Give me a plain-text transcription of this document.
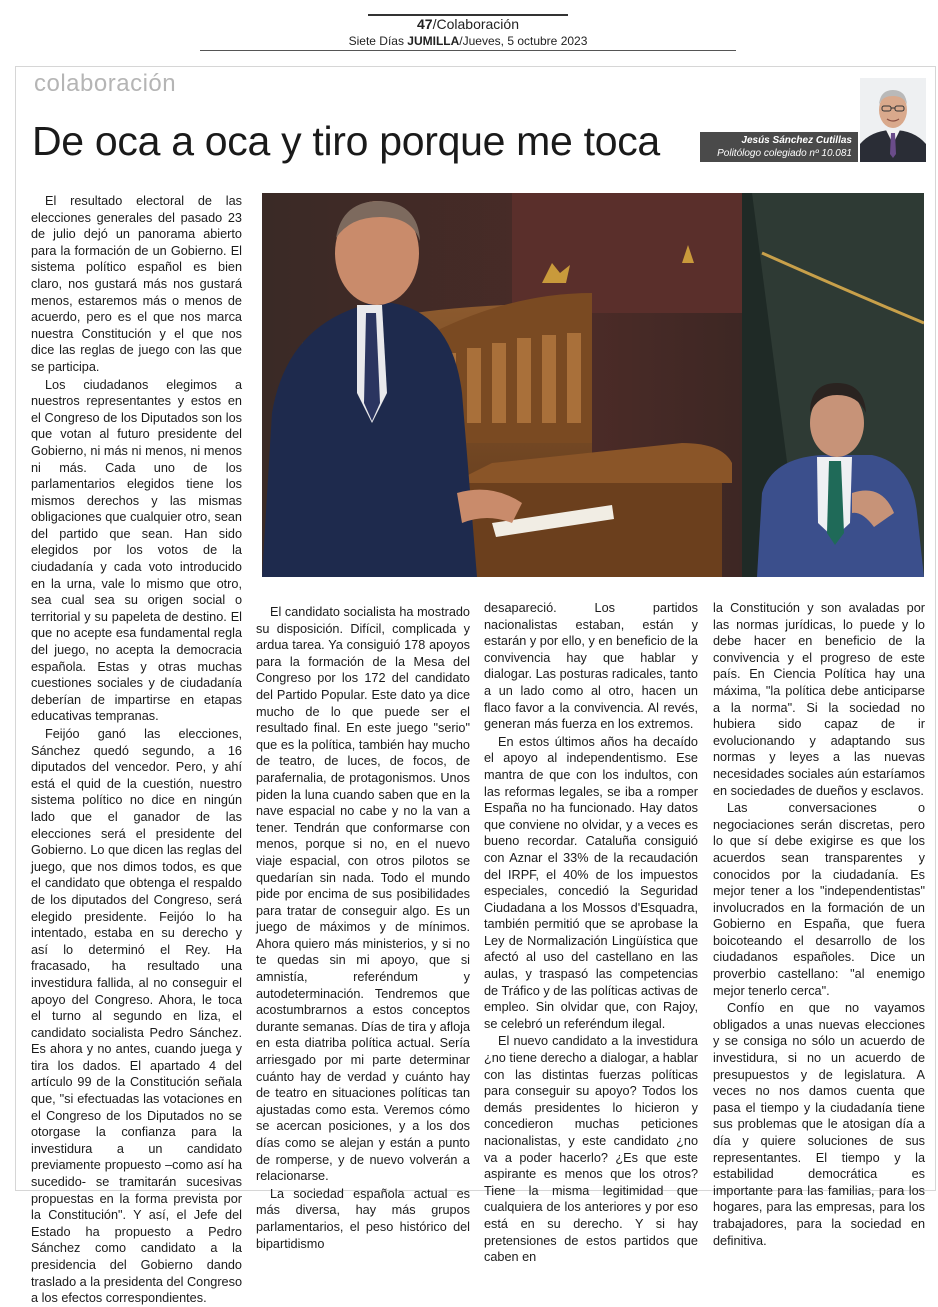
47/Colaboración
Siete Días JUMILLA/Jueves, 5 octubre 2023
colaboración
De oca a oca y tiro porque me toca	Jesús Sánchez Cutillas
Politólogo colegiado nº 10.081

El resultado electoral de las elecciones generales del pasado 23 de julio dejó un panorama abierto para la formación de un Gobierno. El sistema político español es bien claro, nos gustará más nos gustará menos, estaremos más o menos de acuerdo, pero es el que nos marca nuestra Constitución y el que nos dice las reglas de juego con las que se participa.

Los ciudadanos elegimos a nuestros representantes y estos en el Congreso de los Diputados son los que votan al futuro presidente del Gobierno, ni más ni menos, ni menos ni más. Cada uno de los parlamentarios elegidos tiene los mismos derechos y las mismas obligaciones que cualquier otro, sean del partido que sean. Han sido elegidos por los votos de la ciudadanía y cada voto introducido en la urna, vale lo mismo que otro, sea cual sea su origen social o territorial y su papeleta de destino. El que no acepte esa fundamental regla del juego, no acepta la democracia española. Estas y otras muchas cuestiones sociales y de ciudadanía deberían de impartirse en etapas educativas tempranas.

Feijóo ganó las elecciones, Sánchez quedó segundo, a 16 diputados del vencedor. Pero, y ahí está el quid de la cuestión, nuestro sistema político no dice en ningún lado que el ganador de las elecciones será el presidente del Gobierno. Lo que dicen las reglas del juego, que nos dimos todos, es que el candidato que obtenga el respaldo de los diputados del Congreso, será elegido presidente. Feijóo lo ha intentado, estaba en su derecho y así lo determinó el Rey. Ha fracasado, ha resultado una investidura fallida, al no conseguir el apoyo del Congreso. Ahora, le toca el turno al segundo en liza, el candidato socialista Pedro Sánchez. Es ahora y no antes, cuando juega y tira los dados. El apartado 4 del artículo 99 de la Constitución señala que, "si efectuadas las votaciones en el Congreso de los Diputados no se otorgase la confianza para la investidura a un candidato previamente propuesto –como así ha sucedido- se tramitarán sucesivas propuestas en la forma prevista por la Constitución". Y así, el Jefe del Estado ha propuesto a Pedro Sánchez como candidato a la presidencia del Gobierno dando traslado a la presidenta del Congreso a los efectos correspondientes.

El candidato socialista ha mostrado su disposición. Difícil, complicada y ardua tarea. Ya consiguió 178 apoyos para la formación de la Mesa del Congreso por los 172 del candidato del Partido Popular. Este dato ya dice mucho de lo que puede ser el resultado final. En este juego "serio" que es la política, también hay mucho de teatro, de luces, de focos, de parafernalia, de protagonismos. Unos piden la luna cuando saben que en la nave espacial no cabe y no la van a tener. Tendrán que conformarse con menos, porque si no, en el nuevo viaje espacial, con otros pilotos se quedarían sin nada. Todo el mundo pide por encima de sus posibilidades para tratar de conseguir algo. Es un juego de máximos y de mínimos. Ahora quiero más ministerios, y si no te quedas sin mi apoyo, que si amnistía, referéndum y autodeterminación. Tendremos que acostumbrarnos a estos conceptos durante semanas. Días de tira y afloja en esta diatriba política actual. Sería arriesgado por mi parte determinar cuánto hay de verdad y cuánto hay de teatro en situaciones políticas tan ajustadas como esta. Veremos cómo se acercan posiciones, y a los dos días como se alejan y están a punto de romperse, y de nuevo volverán a relacionarse.

La sociedad española actual es más diversa, hay más grupos parlamentarios, el peso histórico del bipartidismo

desapareció. Los partidos nacionalistas estaban, están y estarán y por ello, y en beneficio de la convivencia hay que hablar y dialogar. Las posturas radicales, tanto a un lado como al otro, hacen un flaco favor a la convivencia. Al revés, generan más fuerza en los extremos.

En estos últimos años ha decaído el apoyo al independentismo. Ese mantra de que con los indultos, con las reformas legales, se iba a romper España no ha funcionado. Hay datos que conviene no olvidar, y a veces es bueno recordar. Cataluña consiguió con Aznar el 33% de la recaudación del IRPF, el 40% de los impuestos especiales, concedió la Seguridad Ciudadana a los Mossos d'Esquadra, también permitió que se aprobase la Ley de Normalización Lingüística que afectó al uso del castellano en las aulas, y traspasó las competencias de Tráfico y de las políticas activas de empleo. Sin olvidar que, con Rajoy, se celebró un referéndum ilegal.

El nuevo candidato a la investidura ¿no tiene derecho a dialogar, a hablar con las distintas fuerzas políticas para conseguir su apoyo? Todos los demás presidentes lo hicieron y concedieron muchas peticiones nacionalistas, y este candidato ¿no va a poder hacerlo? ¿Es que este aspirante es menos que los otros? Tiene la misma legitimidad que cualquiera de los anteriores y por eso está en su derecho. Y si hay pretensiones de estos partidos que caben en

la Constitución y son avaladas por las normas jurídicas, lo puede y lo debe hacer en beneficio de la convivencia y el progreso de este país. En Ciencia Política hay una máxima, "la política debe anticiparse a la norma". Si la sociedad no hubiera sido capaz de ir evolucionando y adaptando sus normas y leyes a las nuevas necesidades sociales aún estaríamos en sociedades de dueños y esclavos.

Las conversaciones o negociaciones serán discretas, pero lo que sí debe exigirse es que los acuerdos sean transparentes y conocidos por la ciudadanía. Es mejor tener a los "independentistas" involucrados en la formación de un Gobierno en España, que fuera boicoteando el desarrollo de los ciudadanos españoles. Dice un proverbio castellano: "al enemigo mejor tenerlo cerca".

Confío en que no vayamos obligados a unas nuevas elecciones y se consiga no sólo un acuerdo de investidura, si no un acuerdo de presupuestos y de legislatura. A veces no nos damos cuenta que pasa el tiempo y la ciudadanía tiene sus problemas que le atosigan día a día y quiere soluciones de sus representantes. El tiempo y la estabilidad democrática es importante para las familias, para los hogares, para las empresas, para los trabajadores, para la sociedad en definitiva.
